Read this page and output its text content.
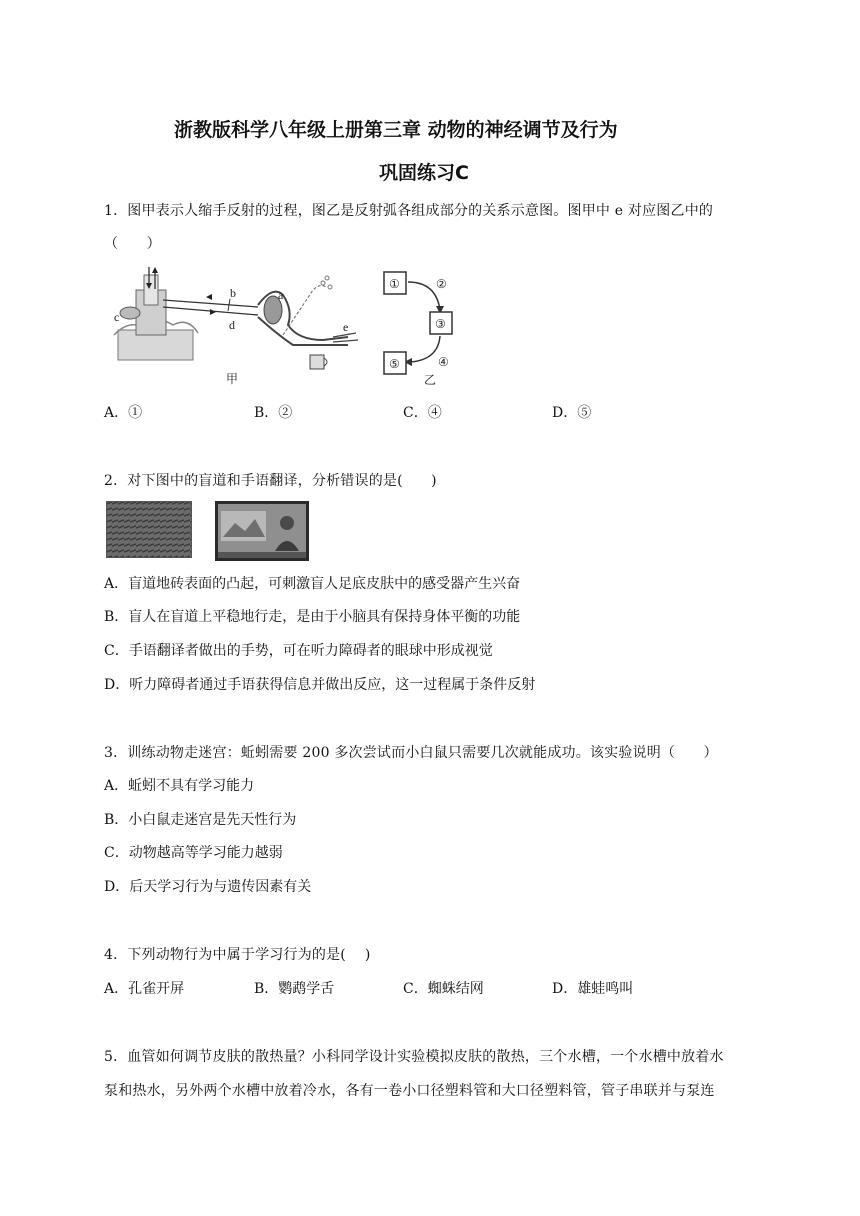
浙教版科学八年级上册第三章 动物的神经调节及行为
巩固练习C
1．图甲表示人缩手反射的过程，图乙是反射弧各组成部分的关系示意图。图甲中 e 对应图乙中的
（　　）
c
b
d
a
e
甲
①	②
③
④
⑤
乙
A．①	B．②	C．④	D．⑤
2．对下图中的盲道和手语翻译，分析错误的是(　　)
A．盲道地砖表面的凸起，可刺激盲人足底皮肤中的感受器产生兴奋
B．盲人在盲道上平稳地行走，是由于小脑具有保持身体平衡的功能
C．手语翻译者做出的手势，可在听力障碍者的眼球中形成视觉
D．听力障碍者通过手语获得信息并做出反应，这一过程属于条件反射
3．训练动物走迷宫：蚯蚓需要 200 多次尝试而小白鼠只需要几次就能成功。该实验说明（　　）
A．蚯蚓不具有学习能力
B．小白鼠走迷宫是先天性行为
C．动物越高等学习能力越弱
D．后天学习行为与遗传因素有关
4．下列动物行为中属于学习行为的是(　 )
A．孔雀开屏	B．鹦鹉学舌	C．蜘蛛结网	D．雄蛙鸣叫
5．血管如何调节皮肤的散热量？小科同学设计实验模拟皮肤的散热，三个水槽，一个水槽中放着水
泵和热水，另外两个水槽中放着冷水，各有一卷小口径塑料管和大口径塑料管，管子串联并与泵连
